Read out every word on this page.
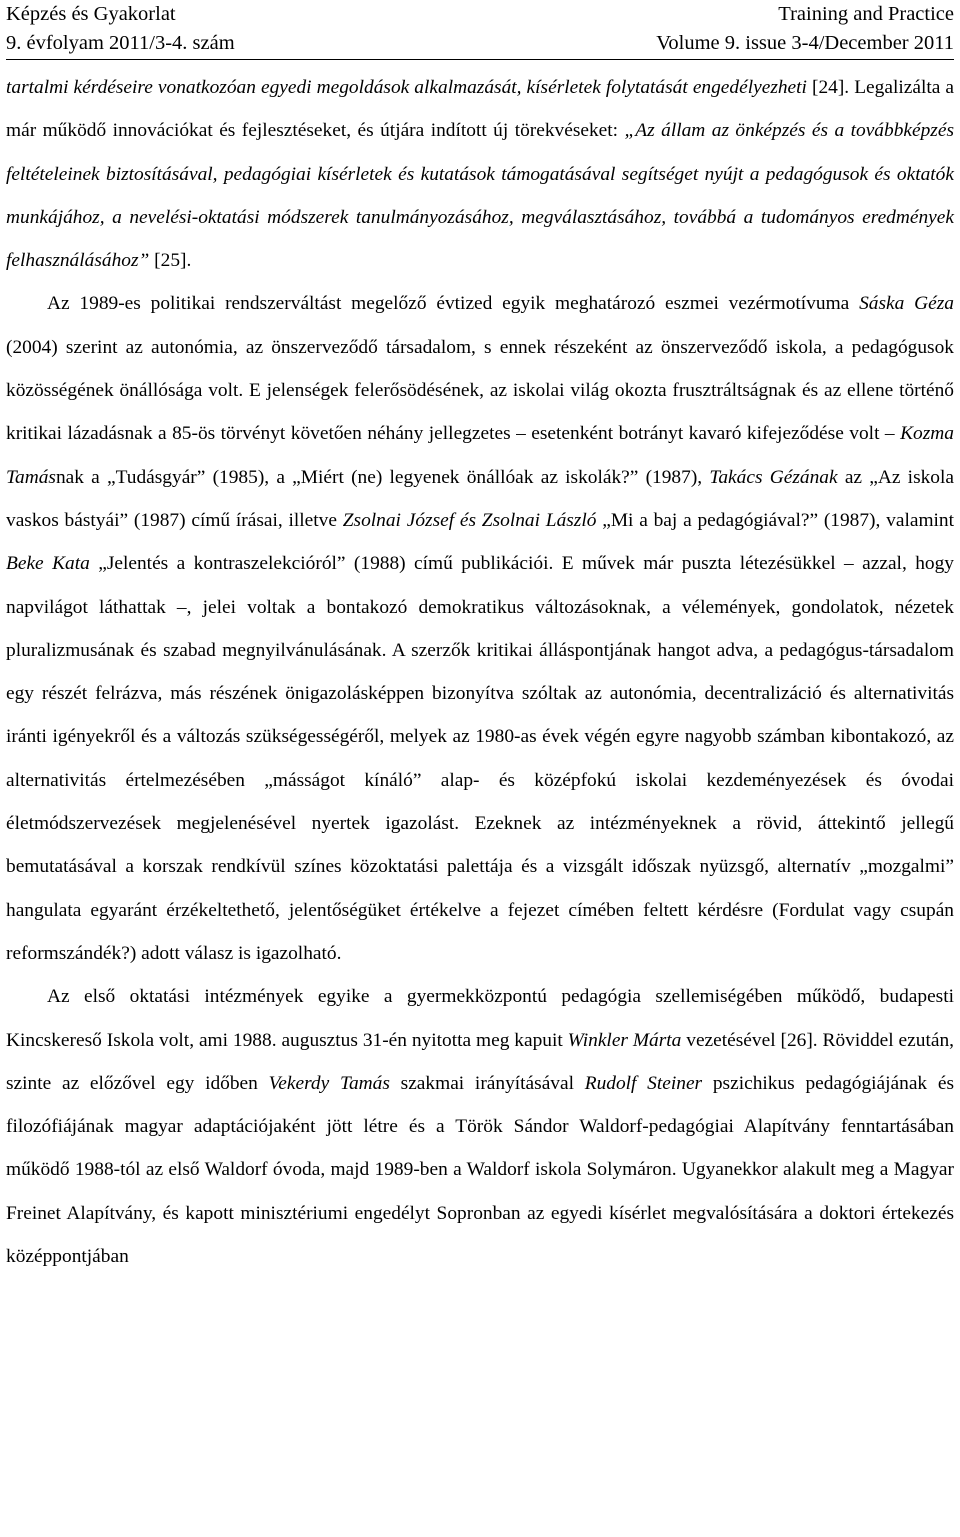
Képzés és Gyakorlat	Training and Practice
9. évfolyam 2011/3-4. szám	Volume 9. issue 3-4/December 2011

tartalmi kérdéseire vonatkozóan egyedi megoldások alkalmazását, kísérletek folytatását engedélyezheti [24]. Legalizálta a már működő innovációkat és fejlesztéseket, és útjára indított új törekvéseket: „Az állam az önképzés és a továbbképzés feltételeinek biztosításával, pedagógiai kísérletek és kutatások támogatásával segítséget nyújt a pedagógusok és oktatók munkájához, a nevelési-oktatási módszerek tanulmányozásához, megválasztásához, továbbá a tudományos eredmények felhasználásához” [25].

Az 1989-es politikai rendszerváltást megelőző évtized egyik meghatározó eszmei vezérmotívuma Sáska Géza (2004) szerint az autonómia, az önszerveződő társadalom, s ennek részeként az önszerveződő iskola, a pedagógusok közösségének önállósága volt. E jelenségek felerősödésének, az iskolai világ okozta frusztráltságnak és az ellene történő kritikai lázadásnak a 85-ös törvényt követően néhány jellegzetes – esetenként botrányt kavaró kifejeződése volt – Kozma Tamásnak a „Tudásgyár” (1985), a „Miért (ne) legyenek önállóak az iskolák?” (1987), Takács Gézának az „Az iskola vaskos bástyái” (1987) című írásai, illetve Zsolnai József és Zsolnai László „Mi a baj a pedagógiával?” (1987), valamint Beke Kata „Jelentés a kontraszelekcióról” (1988) című publikációi. E művek már puszta létezésükkel – azzal, hogy napvilágot láthattak –, jelei voltak a bontakozó demokratikus változásoknak, a vélemények, gondolatok, nézetek pluralizmusának és szabad megnyilvánulásának. A szerzők kritikai álláspontjának hangot adva, a pedagógus-társadalom egy részét felrázva, más részének önigazolásképpen bizonyítva szóltak az autonómia, decentralizáció és alternativitás iránti igényekről és a változás szükségességéről, melyek az 1980-as évek végén egyre nagyobb számban kibontakozó, az alternativitás értelmezésében „másságot kínáló” alap- és középfokú iskolai kezdeményezések és óvodai életmódszervezések megjelenésével nyertek igazolást. Ezeknek az intézményeknek a rövid, áttekintő jellegű bemutatásával a korszak rendkívül színes közoktatási palettája és a vizsgált időszak nyüzsgő, alternatív „mozgalmi” hangulata egyaránt érzékeltethető, jelentőségüket értékelve a fejezet címében feltett kérdésre (Fordulat vagy csupán reformszándék?) adott válasz is igazolható.

Az első oktatási intézmények egyike a gyermekközpontú pedagógia szellemiségében működő, budapesti Kincskereső Iskola volt, ami 1988. augusztus 31-én nyitotta meg kapuit Winkler Márta vezetésével [26]. Röviddel ezután, szinte az előzővel egy időben Vekerdy Tamás szakmai irányításával Rudolf Steiner pszichikus pedagógiájának és filozófiájának magyar adaptációjaként jött létre és a Török Sándor Waldorf-pedagógiai Alapítvány fenntartásában működő 1988-tól az első Waldorf óvoda, majd 1989-ben a Waldorf iskola Solymáron. Ugyanekkor alakult meg a Magyar Freinet Alapítvány, és kapott minisztériumi engedélyt Sopronban az egyedi kísérlet megvalósítására a doktori értekezés középpontjában
